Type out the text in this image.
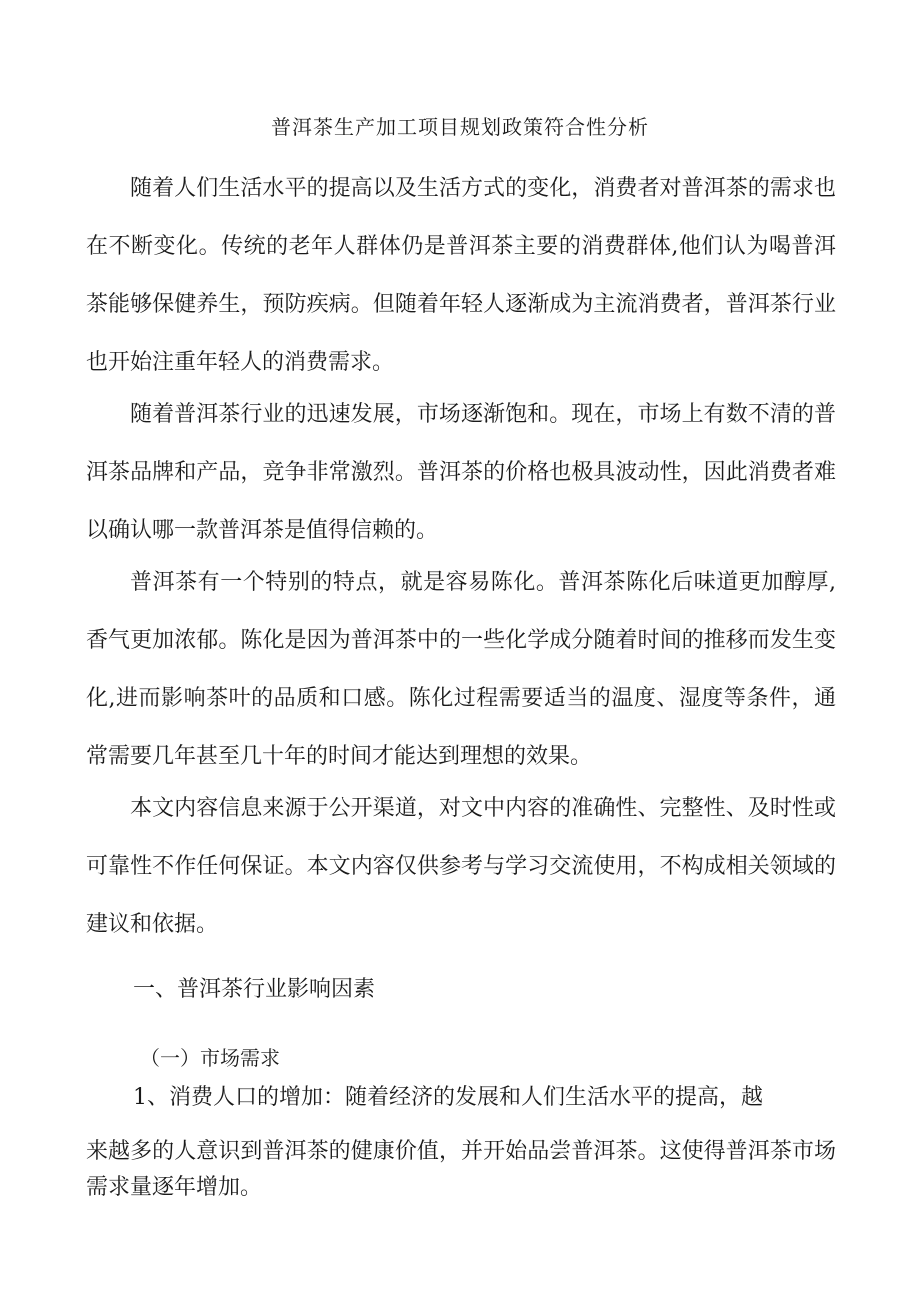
普洱茶生产加工项目规划政策符合性分析

随着人们生活水平的提高以及生活方式的变化，消费者对普洱茶的需求也在不断变化。传统的老年人群体仍是普洱茶主要的消费群体,他们认为喝普洱茶能够保健养生，预防疾病。但随着年轻人逐渐成为主流消费者，普洱茶行业也开始注重年轻人的消费需求。

随着普洱茶行业的迅速发展，市场逐渐饱和。现在，市场上有数不清的普洱茶品牌和产品，竞争非常激烈。普洱茶的价格也极具波动性，因此消费者难以确认哪一款普洱茶是值得信赖的。

普洱茶有一个特别的特点，就是容易陈化。普洱茶陈化后味道更加醇厚,香气更加浓郁。陈化是因为普洱茶中的一些化学成分随着时间的推移而发生变化,进而影响茶叶的品质和口感。陈化过程需要适当的温度、湿度等条件，通常需要几年甚至几十年的时间才能达到理想的效果。

本文内容信息来源于公开渠道，对文中内容的准确性、完整性、及时性或可靠性不作任何保证。本文内容仅供参考与学习交流使用，不构成相关领域的建议和依据。

一、普洱茶行业影响因素
（一）市场需求

1、消费人口的增加：随着经济的发展和人们生活水平的提高，越

来越多的人意识到普洱茶的健康价值，并开始品尝普洱茶。这使得普洱茶市场需求量逐年增加。
